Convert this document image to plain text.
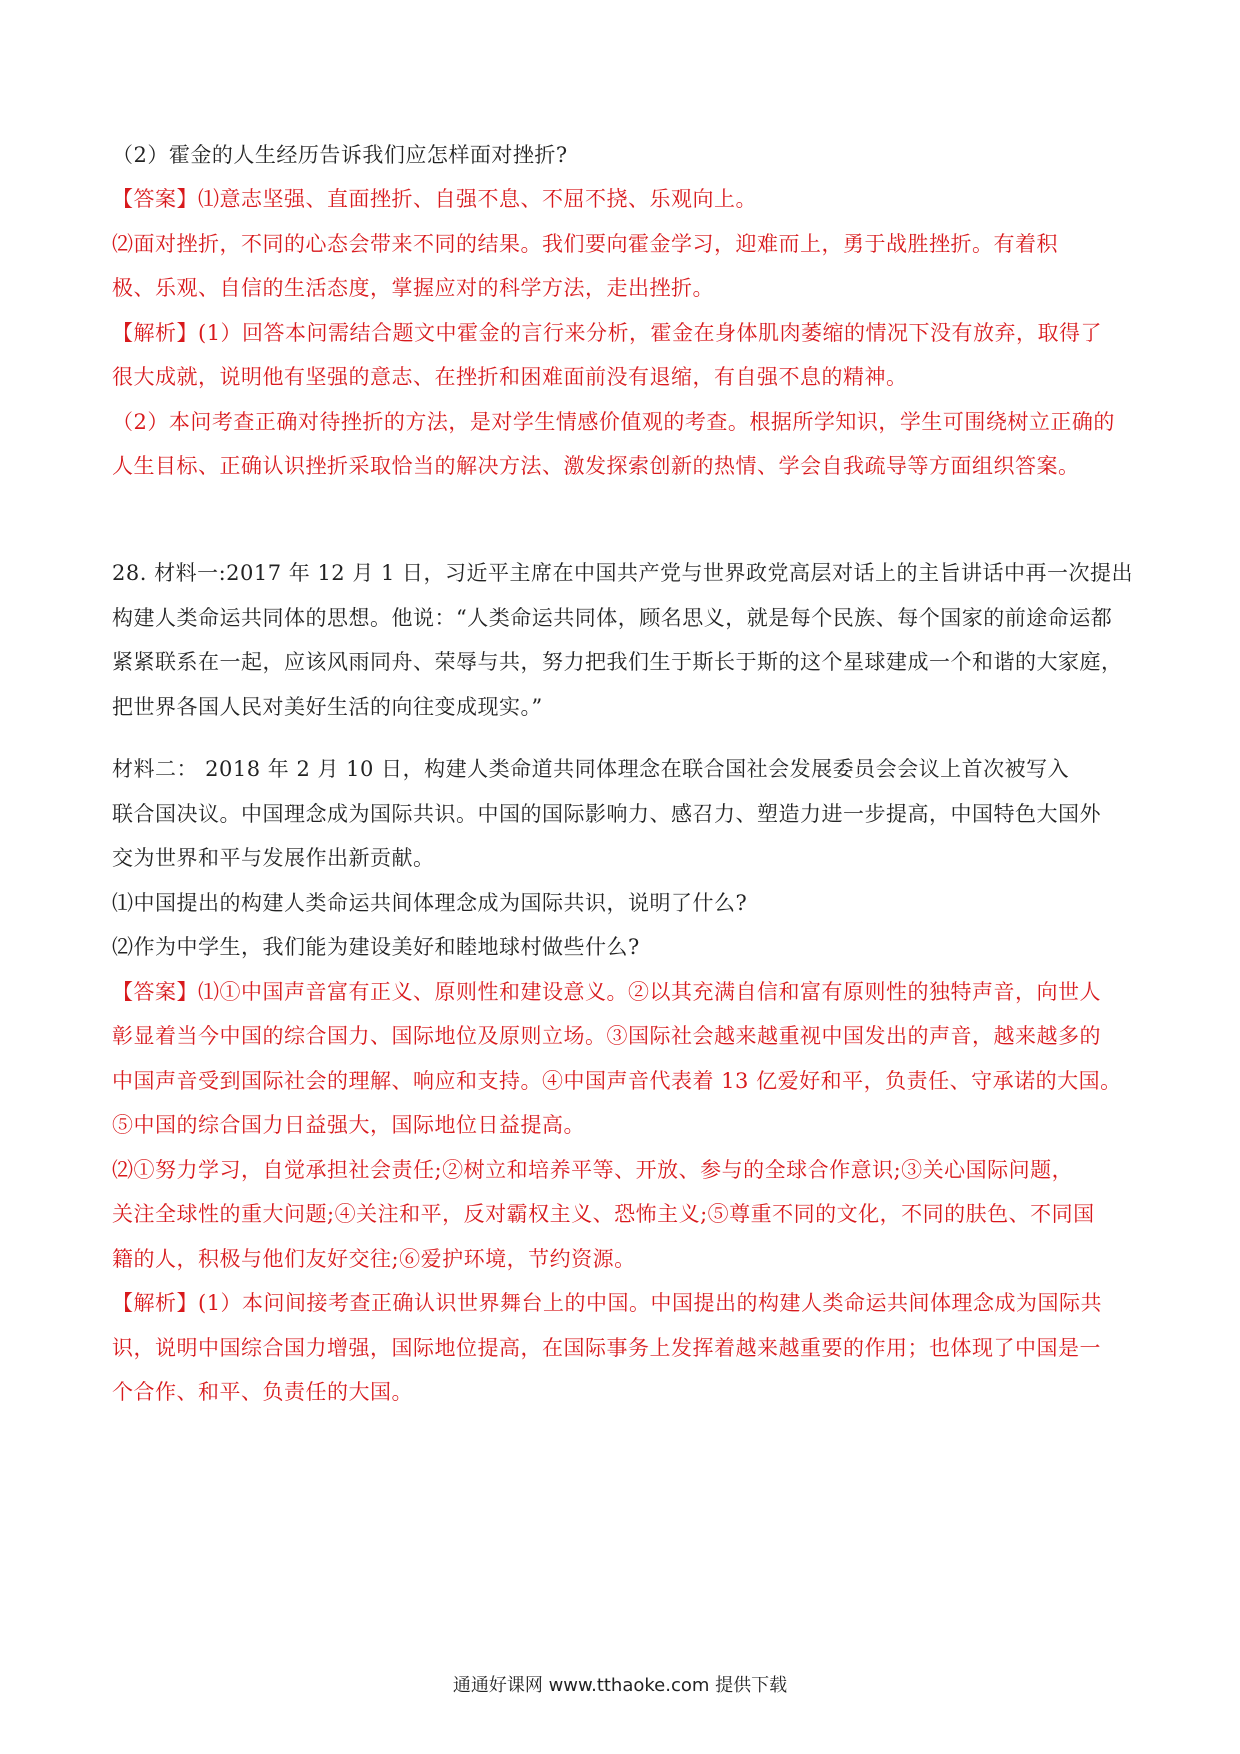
（2）霍金的人生经历告诉我们应怎样面对挫折?
【答案】⑴意志坚强、直面挫折、自强不息、不屈不挠、乐观向上。
⑵面对挫折，不同的心态会带来不同的结果。我们要向霍金学习，迎难而上，勇于战胜挫折。有着积
极、乐观、自信的生活态度，掌握应对的科学方法，走出挫折。
【解析】(1）回答本问需结合题文中霍金的言行来分析，霍金在身体肌肉萎缩的情况下没有放弃，取得了
很大成就，说明他有坚强的意志、在挫折和困难面前没有退缩，有自强不息的精神。
（2）本问考查正确对待挫折的方法，是对学生情感价值观的考查。根据所学知识，学生可围绕树立正确的
人生目标、正确认识挫折采取恰当的解决方法、激发探索创新的热情、学会自我疏导等方面组织答案。
28. 材料一:2017 年 12 月 1 日，习近平主席在中国共产党与世界政党高层对话上的主旨讲话中再一次提出
构建人类命运共同体的思想。他说：“人类命运共同体，顾名思义，就是每个民族、每个国家的前途命运都
紧紧联系在一起，应该风雨同舟、荣辱与共，努力把我们生于斯长于斯的这个星球建成一个和谐的大家庭，
把世界各国人民对美好生活的向往变成现实。”
材料二： 2018 年 2 月 10 日，构建人类命道共同体理念在联合国社会发展委员会会议上首次被写入
联合国决议。中国理念成为国际共识。中国的国际影响力、感召力、塑造力进一步提高，中国特色大国外
交为世界和平与发展作出新贡献。
⑴中国提出的构建人类命运共间体理念成为国际共识，说明了什么?
⑵作为中学生，我们能为建设美好和睦地球村做些什么?
【答案】⑴①中国声音富有正义、原则性和建设意义。②以其充满自信和富有原则性的独特声音，向世人
彰显着当今中国的综合国力、国际地位及原则立场。③国际社会越来越重视中国发出的声音，越来越多的
中国声音受到国际社会的理解、响应和支持。④中国声音代表着 13 亿爱好和平，负责任、守承诺的大国。
⑤中国的综合国力日益强大，国际地位日益提高。
⑵①努力学习，自觉承担社会责任;②树立和培养平等、开放、参与的全球合作意识;③关心国际问题，
关注全球性的重大问题;④关注和平，反对霸权主义、恐怖主义;⑤尊重不同的文化，不同的肤色、不同国
籍的人，积极与他们友好交往;⑥爱护环境，节约资源。
【解析】(1）本问间接考查正确认识世界舞台上的中国。中国提出的构建人类命运共间体理念成为国际共
识，说明中国综合国力增强，国际地位提高，在国际事务上发挥着越来越重要的作用；也体现了中国是一
个合作、和平、负责任的大国。
通通好课网 www.tthaoke.com 提供下载
